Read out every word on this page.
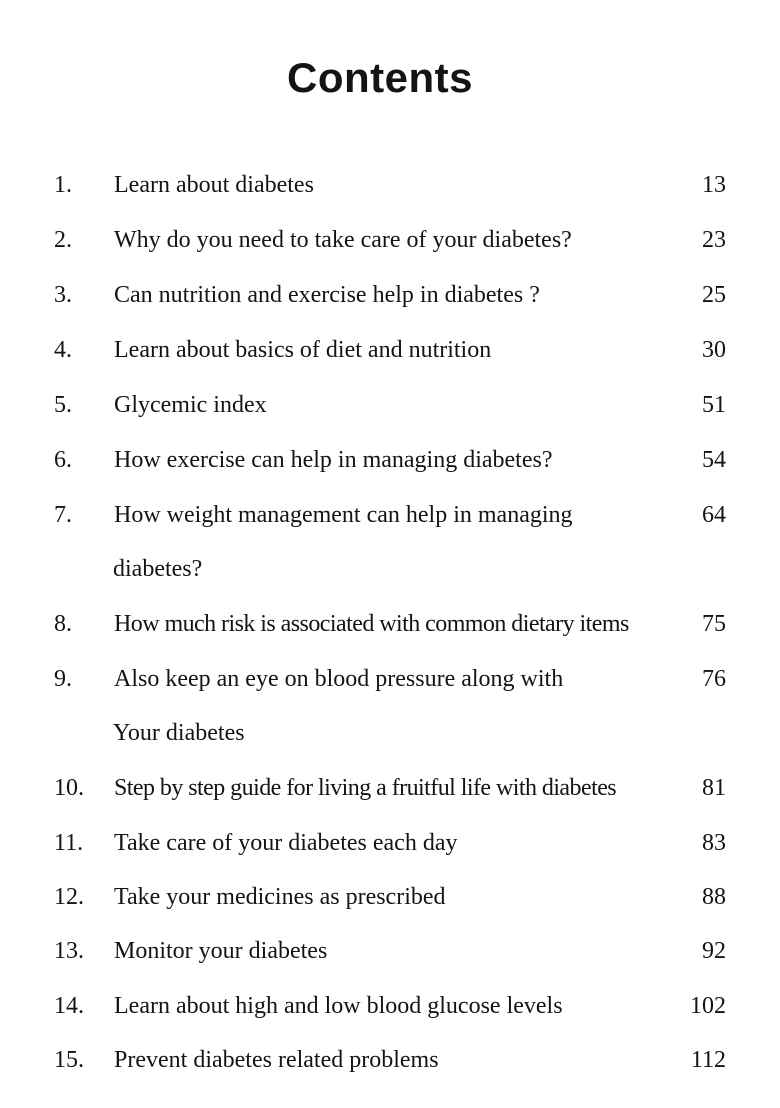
Contents
1.	Learn about diabetes	13
2.	Why do you need to take care of your diabetes?	23
3.	Can nutrition and exercise help in diabetes ?	25
4.	Learn about basics of diet and nutrition	30
5.	Glycemic index	51
6.	How exercise can help in managing diabetes?	54
7.	How weight management can help in managing	64
diabetes?
8.	How much risk is associated with common dietary items	75
9.	Also keep an eye on blood pressure along with	76
Your diabetes
10.	Step by step guide for living a fruitful life with diabetes	81
11.	Take care of your diabetes each day	83
12.	Take your medicines as prescribed	88
13.	Monitor your diabetes	92
14.	Learn about high and low blood glucose levels	102
15.	Prevent diabetes related problems	112
